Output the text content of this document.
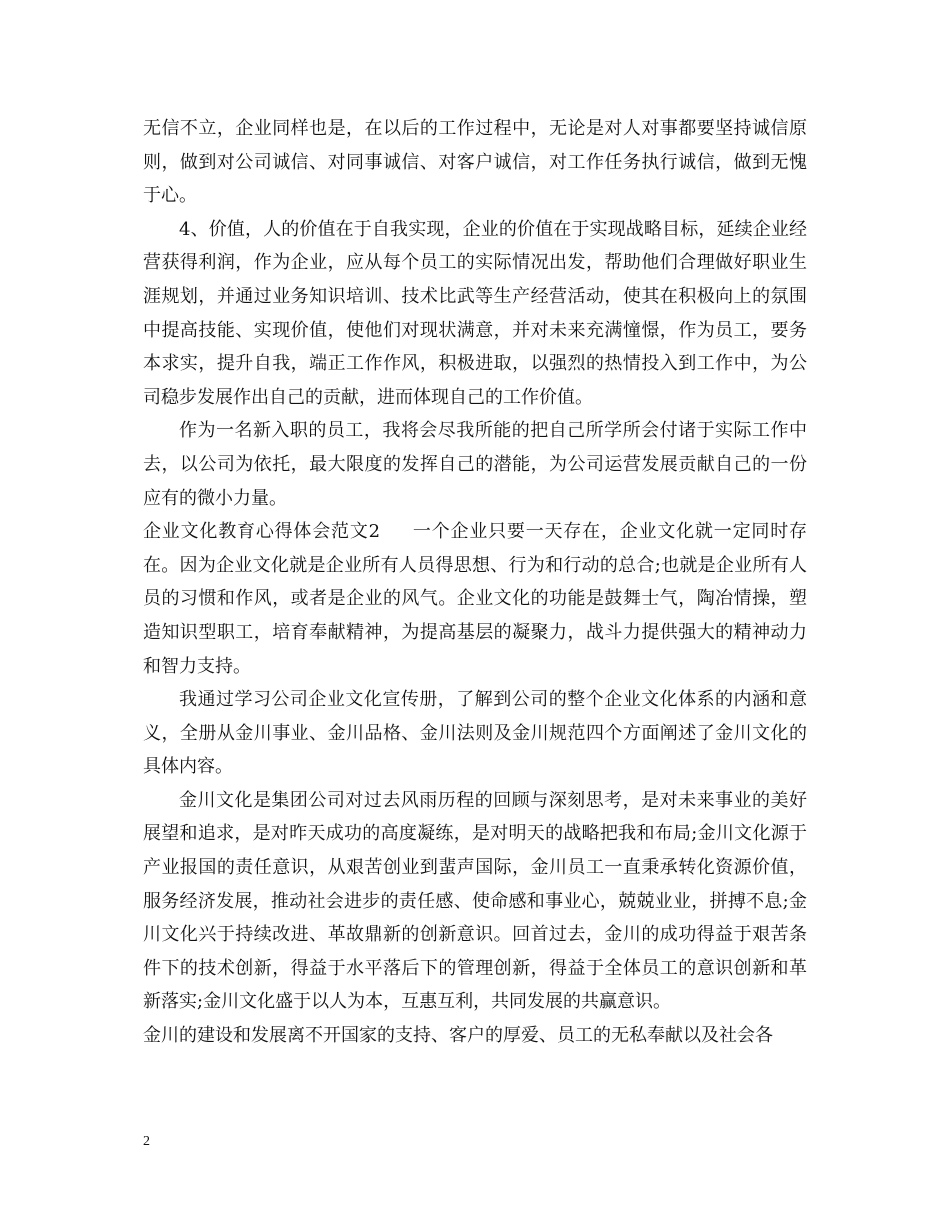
无信不立，企业同样也是，在以后的工作过程中，无论是对人对事都要坚持诚信原则，做到对公司诚信、对同事诚信、对客户诚信，对工作任务执行诚信，做到无愧于心。

4、价值，人的价值在于自我实现，企业的价值在于实现战略目标，延续企业经营获得利润，作为企业，应从每个员工的实际情况出发，帮助他们合理做好职业生涯规划，并通过业务知识培训、技术比武等生产经营活动，使其在积极向上的氛围中提高技能、实现价值，使他们对现状满意，并对未来充满憧憬，作为员工，要务本求实，提升自我，端正工作作风，积极进取，以强烈的热情投入到工作中，为公司稳步发展作出自己的贡献，进而体现自己的工作价值。

作为一名新入职的员工，我将会尽我所能的把自己所学所会付诸于实际工作中去，以公司为依托，最大限度的发挥自己的潜能，为公司运营发展贡献自己的一份应有的微小力量。

企业文化教育心得体会范文2 一个企业只要一天存在，企业文化就一定同时存在。因为企业文化就是企业所有人员得思想、行为和行动的总合;也就是企业所有人员的习惯和作风，或者是企业的风气。企业文化的功能是鼓舞士气，陶冶情操，塑造知识型职工，培育奉献精神，为提高基层的凝聚力，战斗力提供强大的精神动力和智力支持。

我通过学习公司企业文化宣传册，了解到公司的整个企业文化体系的内涵和意义，全册从金川事业、金川品格、金川法则及金川规范四个方面阐述了金川文化的具体内容。

金川文化是集团公司对过去风雨历程的回顾与深刻思考，是对未来事业的美好展望和追求，是对昨天成功的高度凝练，是对明天的战略把我和布局;金川文化源于产业报国的责任意识，从艰苦创业到蜚声国际，金川员工一直秉承转化资源价值，服务经济发展，推动社会进步的责任感、使命感和事业心，兢兢业业，拼搏不息;金川文化兴于持续改进、革故鼎新的创新意识。回首过去，金川的成功得益于艰苦条件下的技术创新，得益于水平落后下的管理创新，得益于全体员工的意识创新和革新落实;金川文化盛于以人为本，互惠互利，共同发展的共赢意识。

金川的建设和发展离不开国家的支持、客户的厚爱、员工的无私奉献以及社会各

2
